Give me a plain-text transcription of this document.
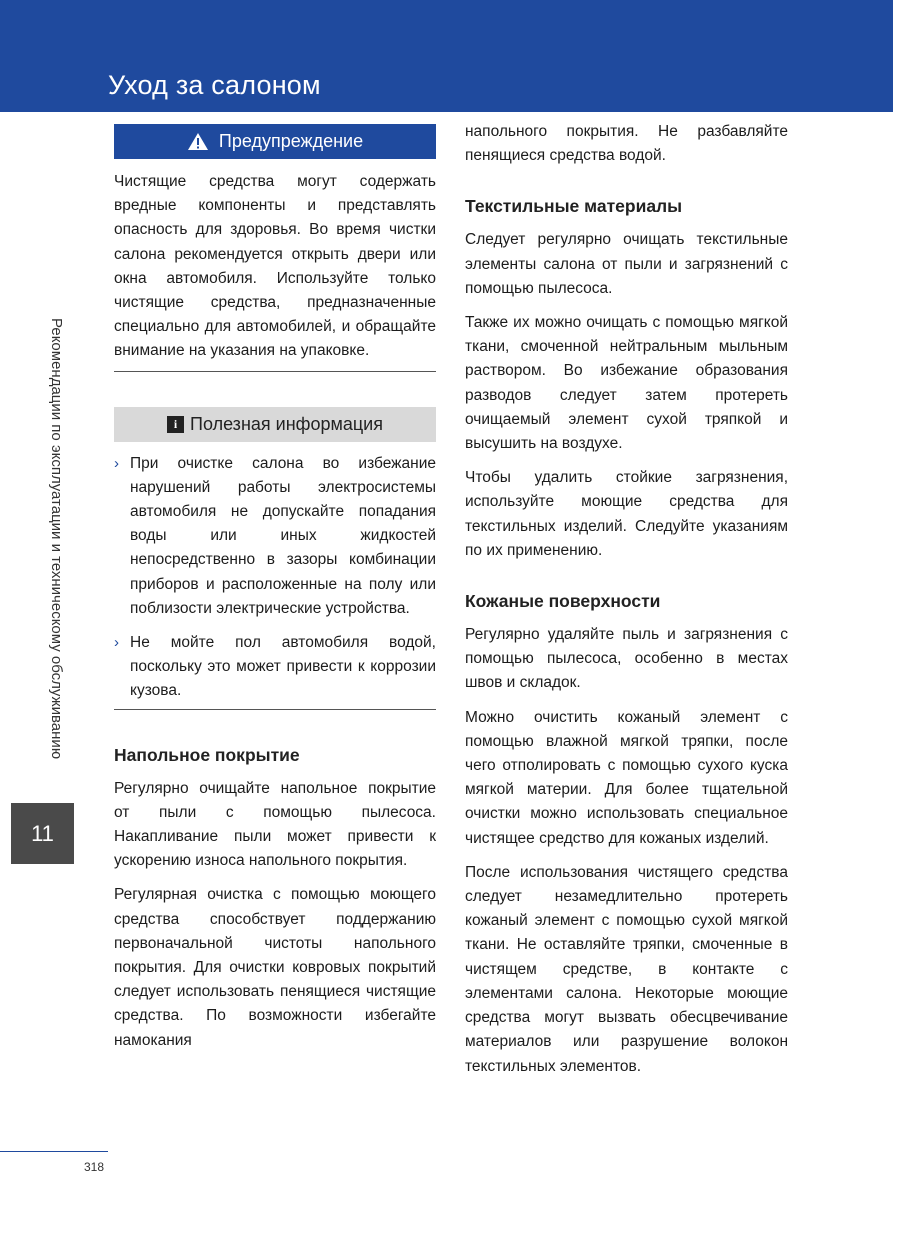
Уход за салоном
Рекомендации по эксплуатации и техническому обслуживанию
11
Предупреждение

Чистящие средства могут содержать вредные компоненты и представлять опасность для здоровья. Во время чистки салона рекомендуется открыть двери или окна автомобиля. Используйте только чистящие средства, предназначенные специально для автомобилей, и обращайте внимание на указания на упаковке.

i Полезная информация
› При очистке салона во избежание нарушений работы электросистемы автомобиля не допускайте попадания воды или иных жидкостей непосредственно в зазоры комбинации приборов и расположенные на полу или поблизости электрические устройства.

› Не мойте пол автомобиля водой, поскольку это может привести к коррозии кузова.

Напольное покрытие

Регулярно очищайте напольное покрытие от пыли с помощью пылесоса. Накапливание пыли может привести к ускорению износа напольного покрытия.

Регулярная очистка с помощью моющего средства способствует поддержанию первоначальной чистоты напольного покрытия. Для очистки ковровых покрытий следует использовать пенящиеся чистящие средства. По возможности избегайте намокания

напольного покрытия. Не разбавляйте пенящиеся средства водой.

Текстильные материалы

Следует регулярно очищать текстильные элементы салона от пыли и загрязнений с помощью пылесоса.

Также их можно очищать с помощью мягкой ткани, смоченной нейтральным мыльным раствором. Во избежание образования разводов следует затем протереть очищаемый элемент сухой тряпкой и высушить на воздухе.

Чтобы удалить стойкие загрязнения, используйте моющие средства для текстильных изделий. Следуйте указаниям по их применению.

Кожаные поверхности

Регулярно удаляйте пыль и загрязнения с помощью пылесоса, особенно в местах швов и складок.

Можно очистить кожаный элемент с помощью влажной мягкой тряпки, после чего отполировать с помощью сухого куска мягкой материи. Для более тщательной очистки можно использовать специальное чистящее средство для кожаных изделий.

После использования чистящего средства следует незамедлительно протереть кожаный элемент с помощью сухой мягкой ткани. Не оставляйте тряпки, смоченные в чистящем средстве, в контакте с элементами салона. Некоторые моющие средства могут вызвать обесцвечивание материалов или разрушение волокон текстильных элементов.

318
